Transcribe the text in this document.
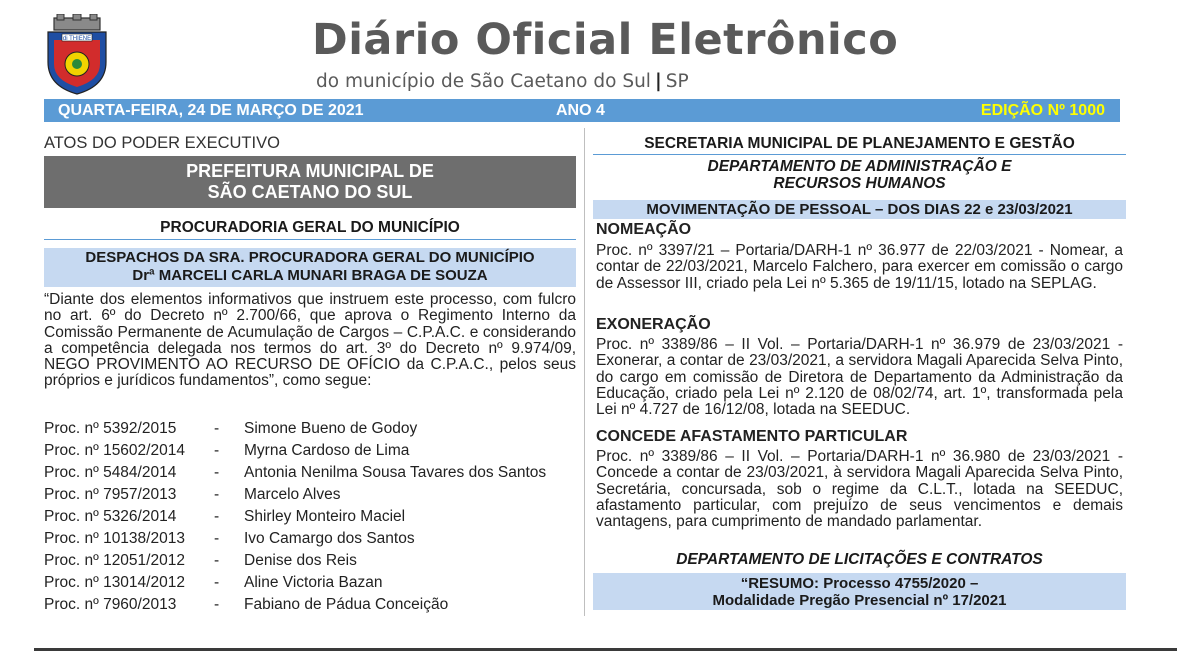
di THIENE	Diário Oficial Eletrônico
do município de São Caetano do Sul | SP
QUARTA-FEIRA, 24 DE MARÇO DE 2021	ANO 4	EDIÇÃO Nº 1000
ATOS DO PODER EXECUTIVO
PREFEITURA MUNICIPAL DE
SÃO CAETANO DO SUL
PROCURADORIA GERAL DO MUNICÍPIO
DESPACHOS DA SRA. PROCURADORA GERAL DO MUNICÍPIO
Drª MARCELI CARLA MUNARI BRAGA DE SOUZA
“Diante dos elementos informativos que instruem este processo, com fulcro no art. 6º do Decreto nº 2.700/66, que aprova o Regimento Interno da Comissão Permanente de Acumulação de Cargos – C.P.A.C. e considerando a competência delegada nos termos do art. 3º do Decreto nº 9.974/09, NEGO PROVIMENTO AO RECURSO DE OFÍCIO da C.P.A.C., pelos seus próprios e jurídicos fundamentos”, como segue:
Proc. nº 5392/2015 - Simone Bueno de Godoy
Proc. nº 15602/2014 - Myrna Cardoso de Lima
Proc. nº 5484/2014 - Antonia Nenilma Sousa Tavares dos Santos
Proc. nº 7957/2013 - Marcelo Alves
Proc. nº 5326/2014 - Shirley Monteiro Maciel
Proc. nº 10138/2013 - Ivo Camargo dos Santos
Proc. nº 12051/2012 - Denise dos Reis
Proc. nº 13014/2012 - Aline Victoria Bazan
Proc. nº 7960/2013 - Fabiano de Pádua Conceição
SECRETARIA MUNICIPAL DE PLANEJAMENTO E GESTÃO
DEPARTAMENTO DE ADMINISTRAÇÃO E
RECURSOS HUMANOS
MOVIMENTAÇÃO DE PESSOAL – DOS DIAS 22 e 23/03/2021
NOMEAÇÃO
Proc. nº 3397/21 – Portaria/DARH-1 nº 36.977 de 22/03/2021 - Nomear, a contar de 22/03/2021, Marcelo Falchero, para exercer em comissão o cargo de Assessor III, criado pela Lei nº 5.365 de 19/11/15, lotado na SEPLAG.
EXONERAÇÃO
Proc. nº 3389/86 – II Vol. – Portaria/DARH-1 nº 36.979 de 23/03/2021 - Exonerar, a contar de 23/03/2021, a servidora Magali Aparecida Selva Pinto, do cargo em comissão de Diretora de Departamento da Administração da Educação, criado pela Lei nº 2.120 de 08/02/74, art. 1º, transformada pela Lei nº 4.727 de 16/12/08, lotada na SEEDUC.
CONCEDE AFASTAMENTO PARTICULAR
Proc. nº 3389/86 – II Vol. – Portaria/DARH-1 nº 36.980 de 23/03/2021 - Concede a contar de 23/03/2021, à servidora Magali Aparecida Selva Pinto, Secretária, concursada, sob o regime da C.L.T., lotada na SEEDUC, afastamento particular, com prejuízo de seus vencimentos e demais vantagens, para cumprimento de mandado parlamentar.
DEPARTAMENTO DE LICITAÇÕES E CONTRATOS
“RESUMO: Processo 4755/2020 –
Modalidade Pregão Presencial nº 17/2021
